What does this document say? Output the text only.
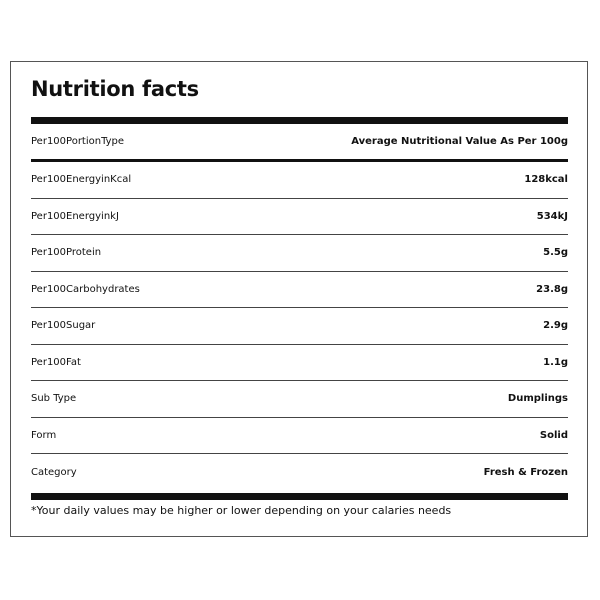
Nutrition facts
Per100PortionType	Average Nutritional Value As Per 100g
Per100EnergyinKcal	128kcal
Per100EnergyinkJ	534kJ
Per100Protein	5.5g
Per100Carbohydrates	23.8g
Per100Sugar	2.9g
Per100Fat	1.1g
Sub Type	Dumplings
Form	Solid
Category	Fresh & Frozen
*Your daily values may be higher or lower depending on your calaries needs
